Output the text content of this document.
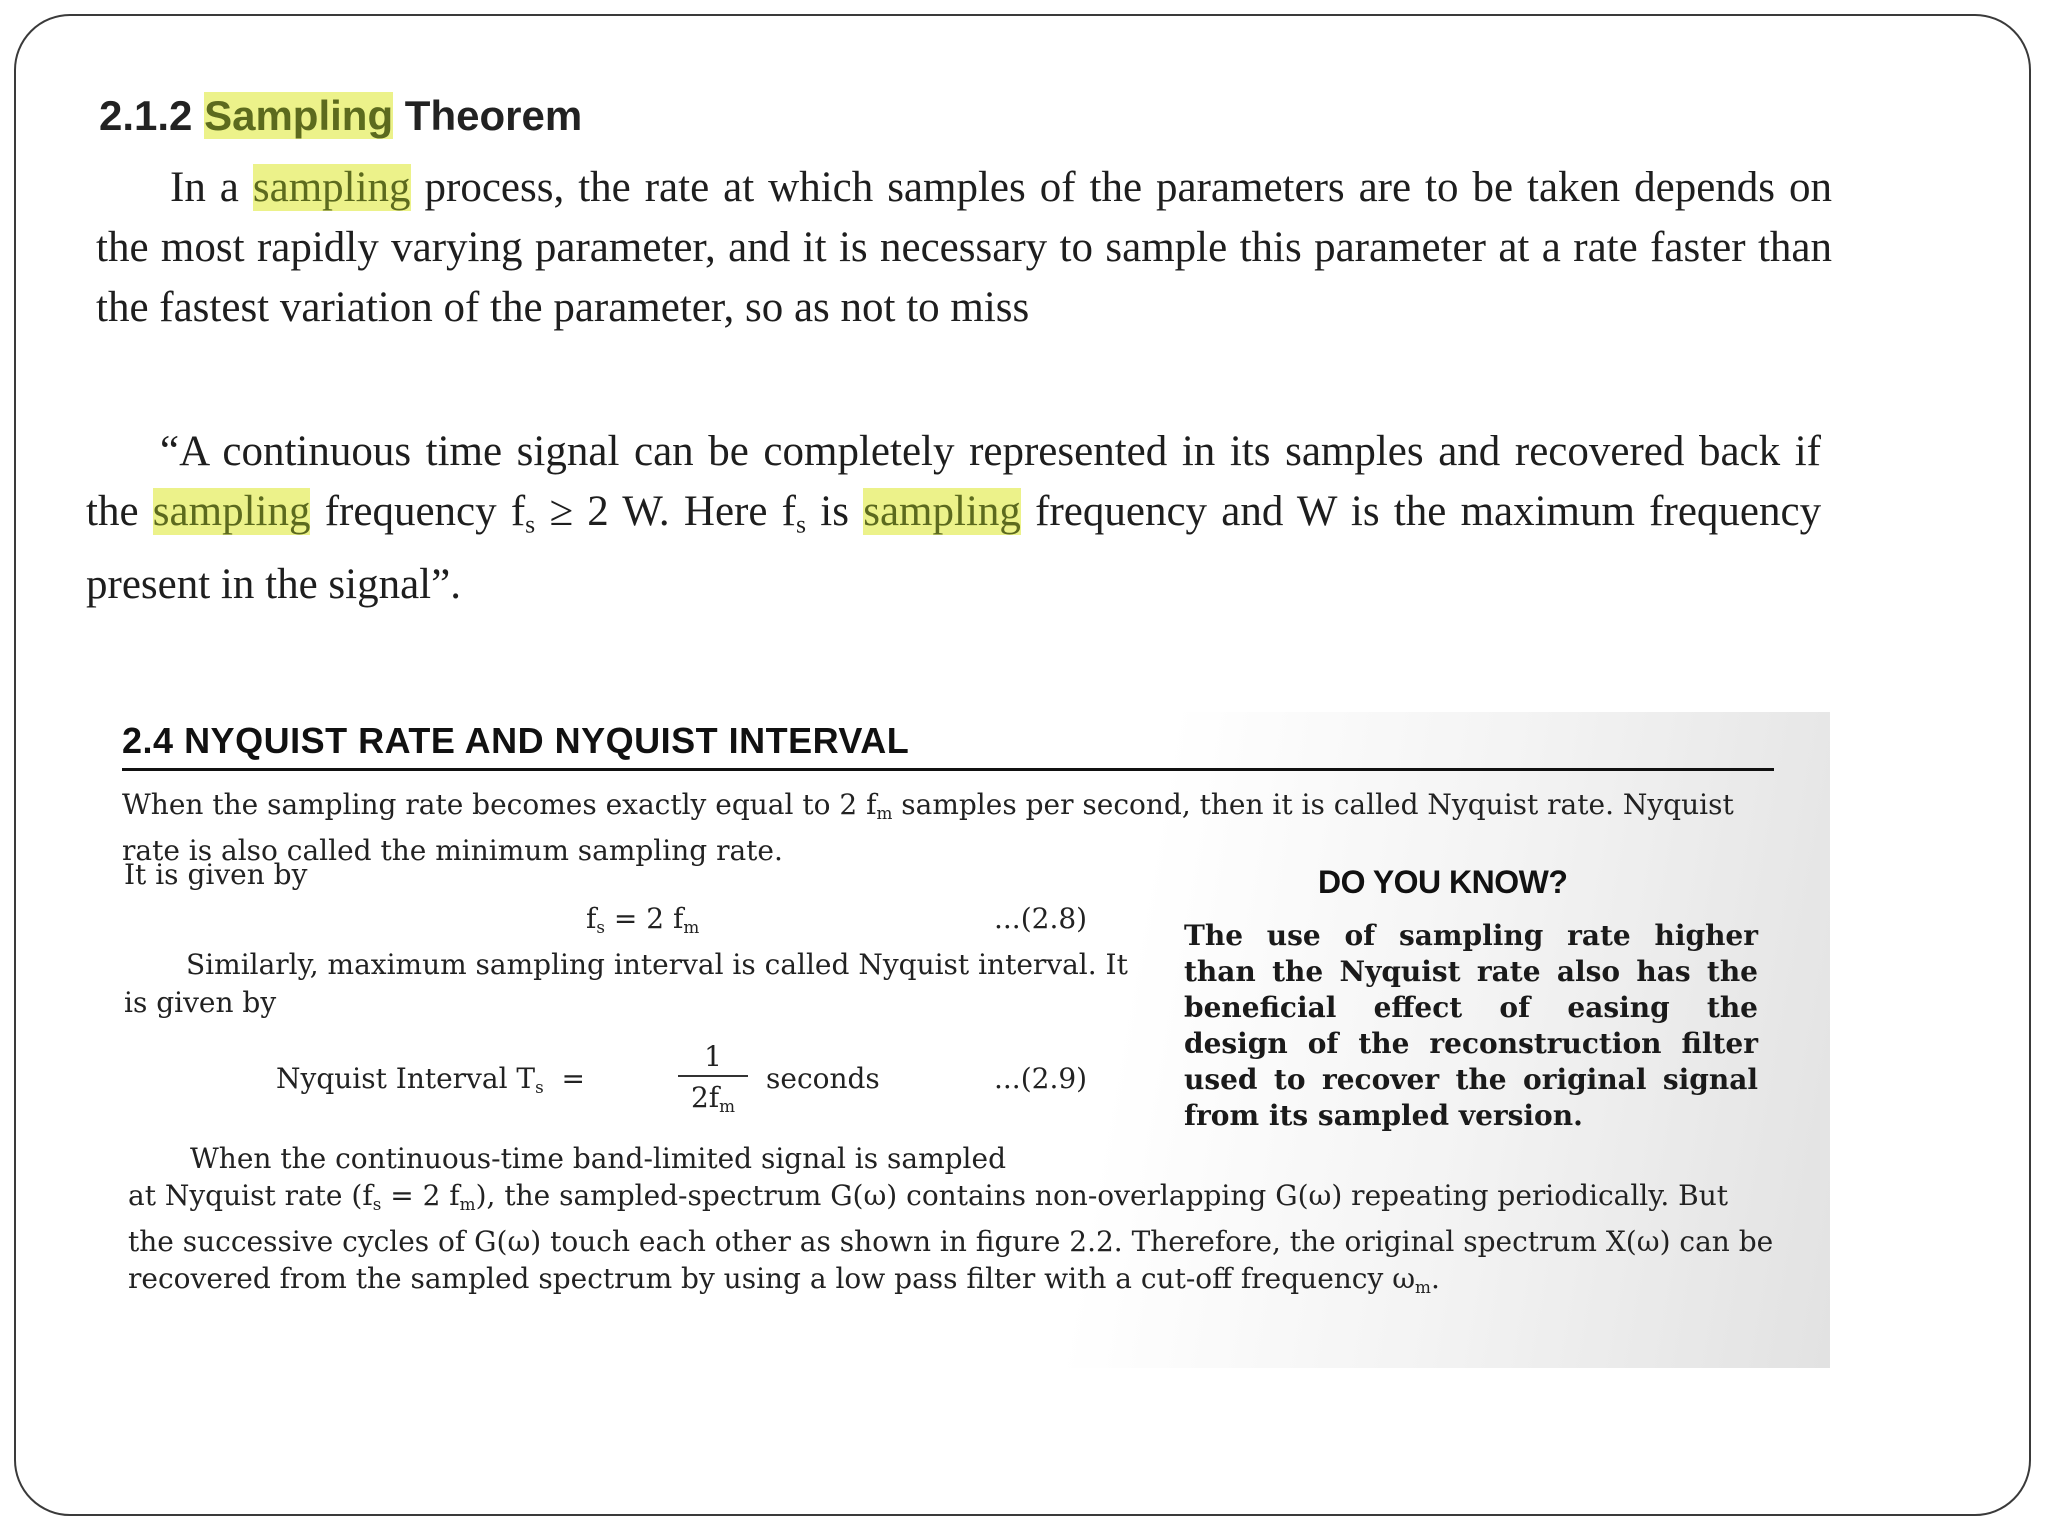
2.1.2 Sampling Theorem

In a sampling process, the rate at which samples of the parameters are to be taken depends on the most rapidly varying parameter, and it is necessary to sample this parameter at a rate faster than the fastest variation of the parameter, so as not to miss

“A continuous time signal can be completely represented in its samples and recovered back if the sampling frequency $f_s \ge 2$ W. Here $f_s$ is sampling frequency and W is the maximum frequency present in the signal”.

2.4 NYQUIST RATE AND NYQUIST INTERVAL

When the sampling rate becomes exactly equal to 2 $f_m$ samples per second, then it is called Nyquist rate. Nyquist rate is also called the minimum sampling rate.

It is given by

$f_s = 2$ $f_m$	...(2.8)

Similarly, maximum sampling interval is called Nyquist interval. It is given by

Nyquist Interval $T_s$ =	$\frac{1}{2f_m}$ seconds	...(2.9)

When the continuous-time band-limited signal is sampled
at Nyquist rate ($f_s = 2$ $f_m$), the sampled-spectrum G(ω) contains non-overlapping G(ω) repeating periodically. But the successive cycles of G(ω) touch each other as shown in figure 2.2. Therefore, the original spectrum X(ω) can be recovered from the sampled spectrum by using a low pass filter with a cut-off frequency $\omega_m$.

DO YOU KNOW?

The use of sampling rate higher than the Nyquist rate also has the beneficial effect of easing the design of the reconstruction filter used to recover the original signal from its sampled version.
